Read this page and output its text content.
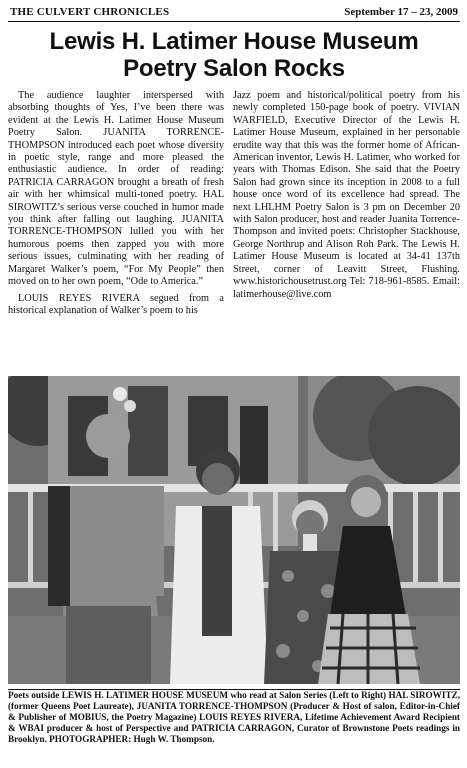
THE CULVERT CHRONICLES	September 17 – 23, 2009
Lewis H. Latimer House Museum
Poetry Salon Rocks

The audience laughter interspersed with absorbing thoughts of Yes, I’ve been there was evident at the Lewis H. Latimer House Museum Poetry Salon. JUANITA TORRENCE-THOMPSON introduced each poet whose diversity in poetic style, range and more pleased the enthusiastic audience. In order of reading: PATRICIA CARRAGON brought a breath of fresh air with her whimsical multi-toned poetry. HAL SIROWITZ’s serious verse couched in humor made you think after falling out laughing. JUANITA TORRENCE-THOMPSON lulled you with her humorous poems then zapped you with more serious issues, culminating with her reading of Margaret Walker’s poem, “For My People” then moved on to her own poem, “Ode to America.”

LOUIS REYES RIVERA segued from a historical explanation of Walker’s poem to his

Jazz poem and historical/political poetry from his newly completed 150-page book of poetry. VIVIAN WARFIELD, Executive Director of the Lewis H. Latimer House Museum, explained in her personable erudite way that this was the former home of African-American inventor, Lewis H. Latimer, who worked for years with Thomas Edison. She said that the Poetry Salon had grown since its inception in 2008 to a full house once word of its excellence had spread. The next LHLHM Poetry Salon is 3 pm on December 20 with Salon producer, host and reader Juanita Torrence-Thompson and invited poets: Christopher Stackhouse, George Northrup and Alison Roh Park. The Lewis H. Latimer House Museum is located at 34-41 137th Street, corner of Leavitt Street, Flushing. www.historichousetrust.org Tel: 718-961-8585. Email: latimerhouse@live.com

Poets outside LEWIS H. LATIMER HOUSE MUSEUM who read at Salon Series (Left to Right) HAL SIROWITZ, (former Queens Poet Laureate), JUANITA TORRENCE-THOMPSON (Producer & Host of salon, Editor-in-Chief & Publisher of MOBIUS, the Poetry Magazine) LOUIS REYES RIVERA, Lifetime Achievement Award Recipient & WBAI producer & host of Perspective and PATRICIA CARRAGON, Curator of Brownstone Poets readings in Brooklyn. PHOTOGRAPHER: Hugh W. Thompson.
